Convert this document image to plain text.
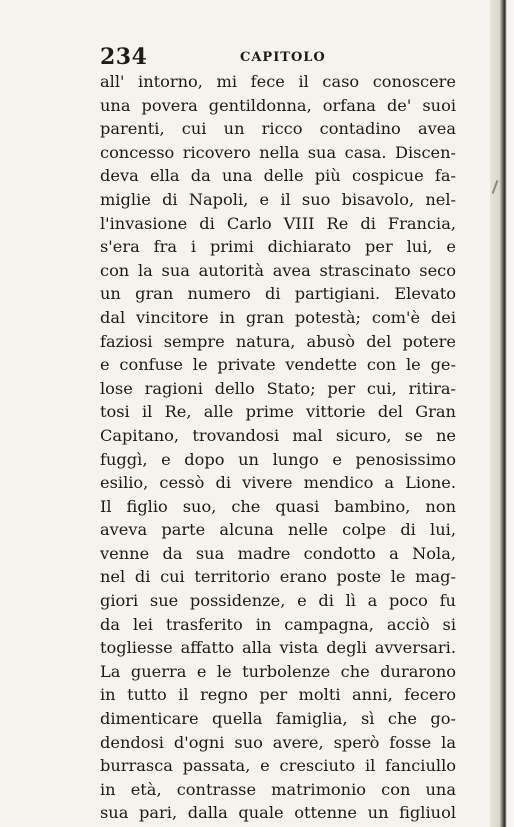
234	CAPITOLO
all' intorno, mi fece il caso conoscere
una povera gentildonna, orfana de' suoi
parenti, cui un ricco contadino avea
concesso ricovero nella sua casa. Discen-
deva ella da una delle più cospicue fa-
miglie di Napoli, e il suo bisavolo, nel-
l'invasione di Carlo VIII Re di Francia,
s'era fra i primi dichiarato per lui, e
con la sua autorità avea strascinato seco
un gran numero di partigiani. Elevato
dal vincitore in gran potestà; com'è dei
faziosi sempre natura, abusò del potere
e confuse le private vendette con le ge-
lose ragioni dello Stato; per cui, ritira-
tosi il Re, alle prime vittorie del Gran
Capitano, trovandosi mal sicuro, se ne
fuggì, e dopo un lungo e penosissimo
esilio, cessò di vivere mendico a Lione.
Il figlio suo, che quasi bambino, non
aveva parte alcuna nelle colpe di lui,
venne da sua madre condotto a Nola,
nel di cui territorio erano poste le mag-
giori sue possidenze, e di lì a poco fu
da lei trasferito in campagna, acciò si
togliesse affatto alla vista degli avversari.
La guerra e le turbolenze che durarono
in tutto il regno per molti anni, fecero
dimenticare quella famiglia, sì che go-
dendosi d'ogni suo avere, sperò fosse la
burrasca passata, e cresciuto il fanciullo
in età, contrasse matrimonio con una
sua pari, dalla quale ottenne un figliuol
